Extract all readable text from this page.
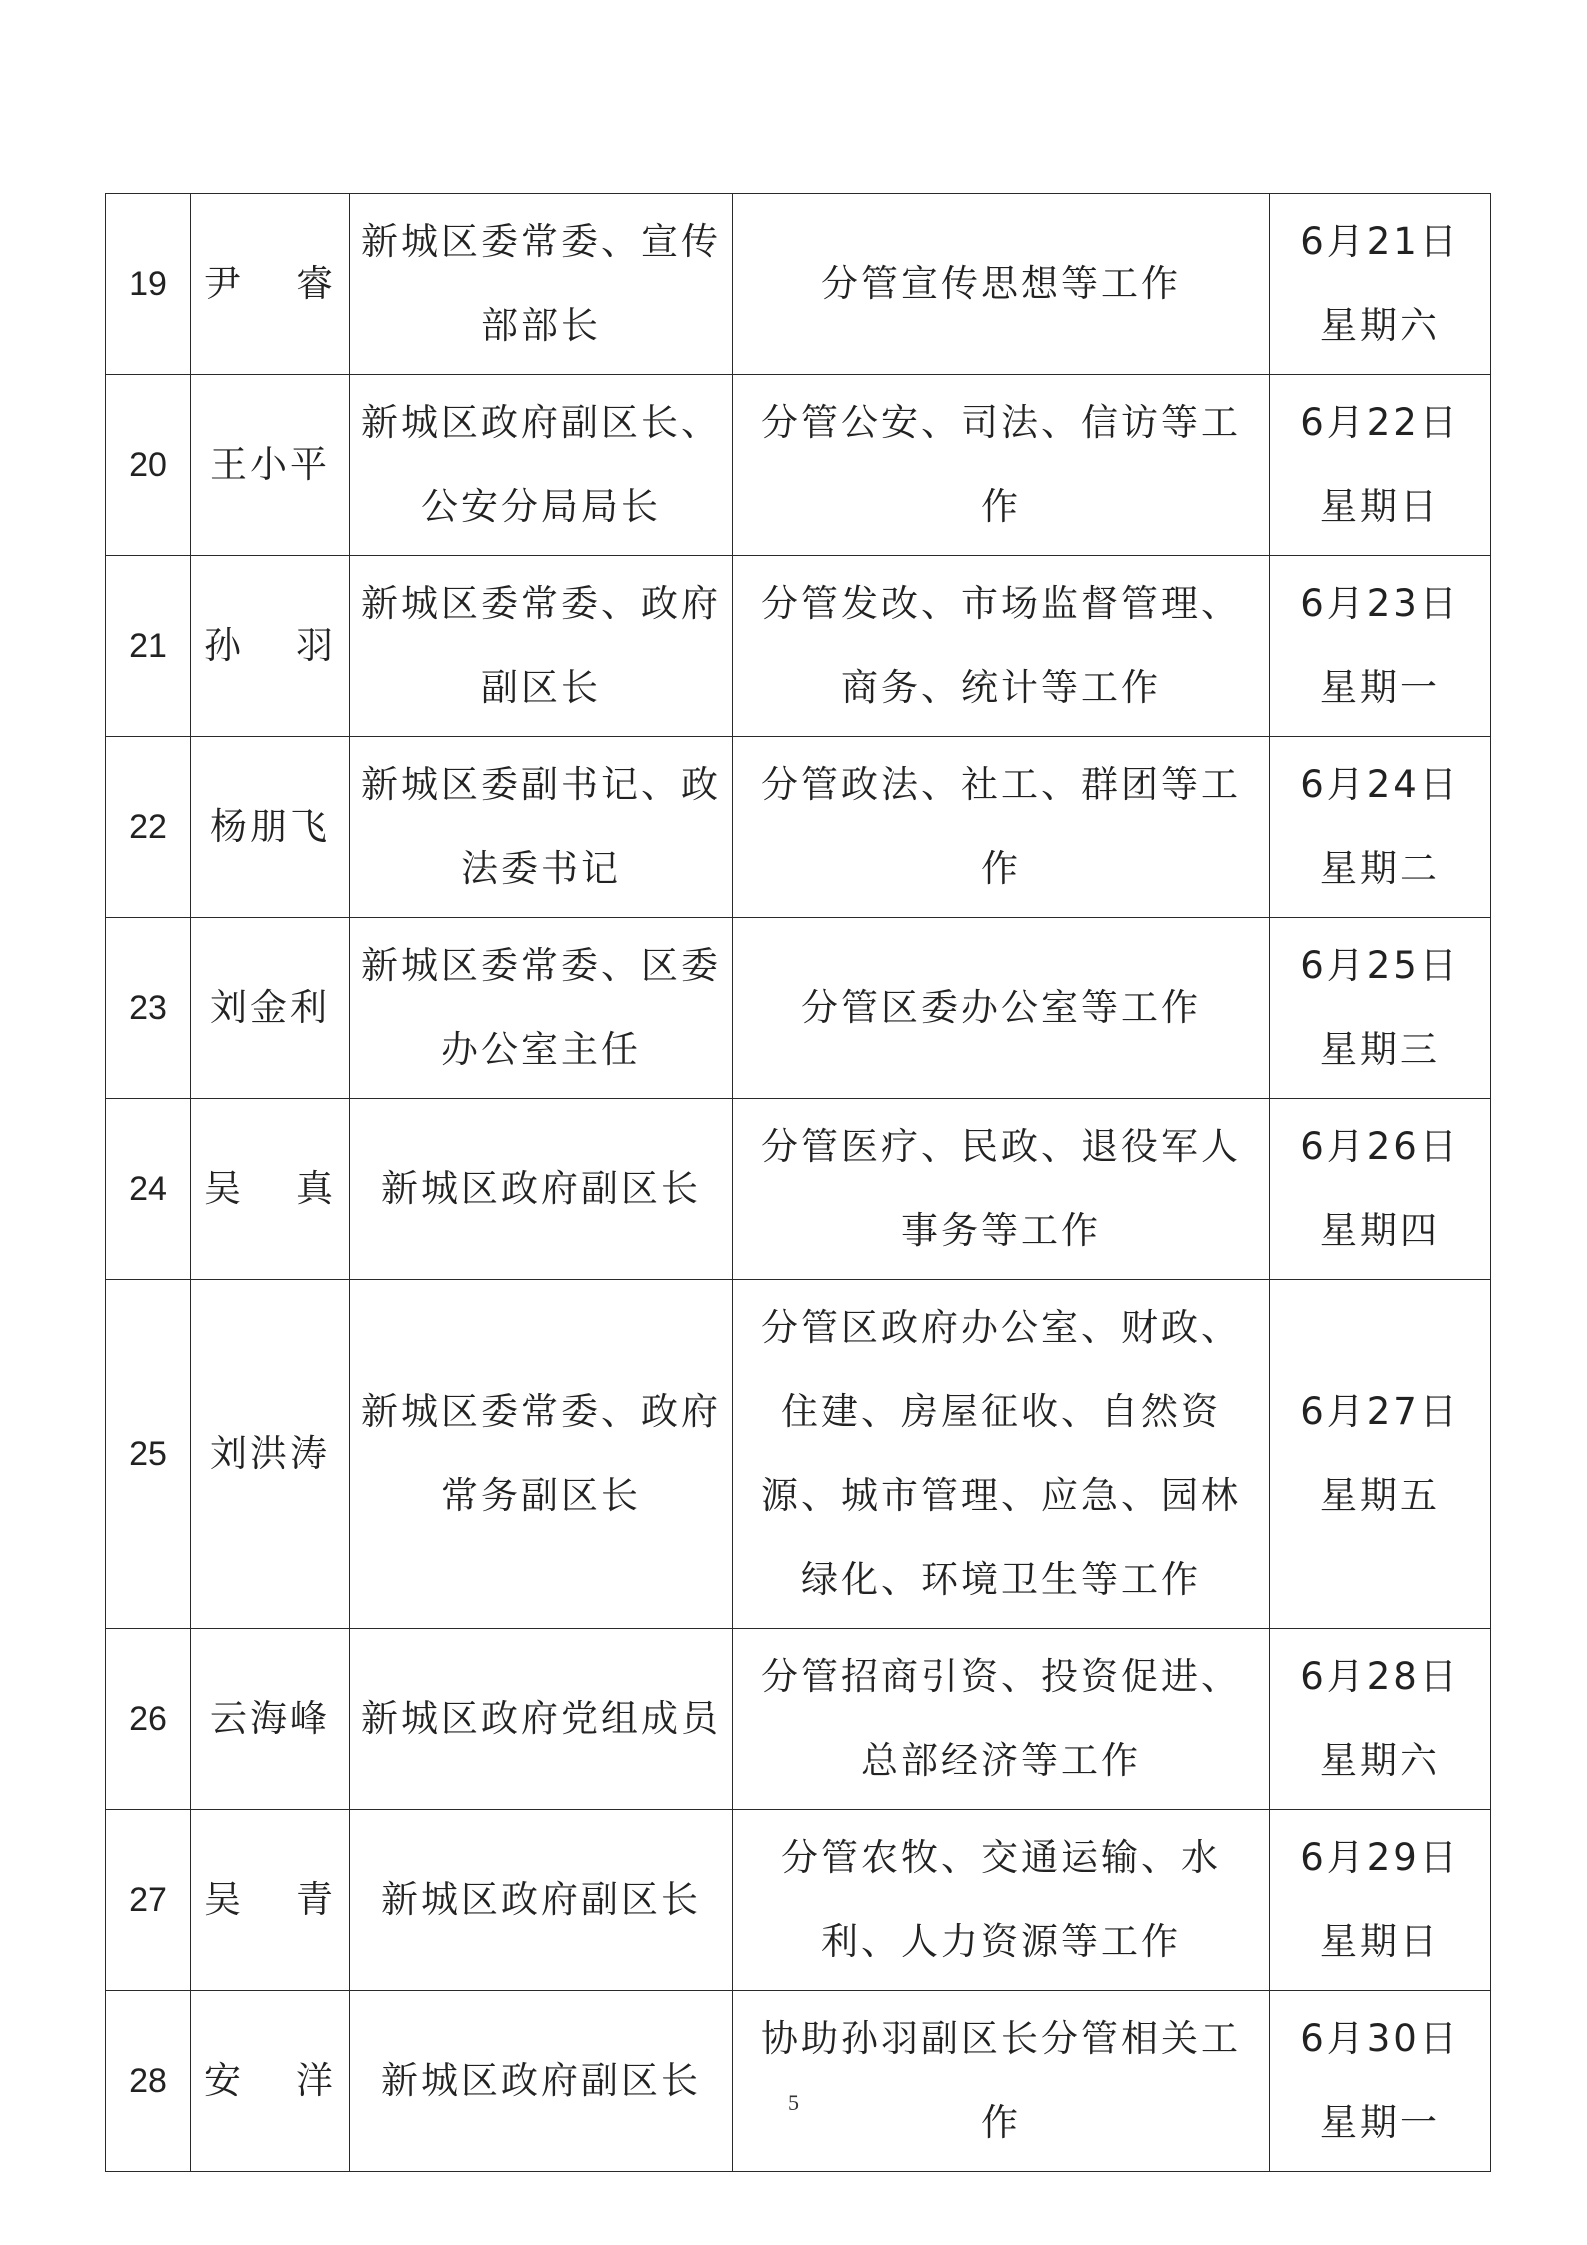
19	尹 睿	新城区委常委、宣传部部长	分管宣传思想等工作	6月21日
星期六

20	王小平	新城区政府副区长、公安分局局长	分管公安、司法、信访等工作	6月22日
星期日

21	孙 羽	新城区委常委、政府副区长	分管发改、市场监督管理、商务、统计等工作	6月23日
星期一

22	杨朋飞	新城区委副书记、政法委书记	分管政法、社工、群团等工作	6月24日
星期二

23	刘金利	新城区委常委、区委办公室主任	分管区委办公室等工作	6月25日
星期三

24	吴 真	新城区政府副区长	分管医疗、民政、退役军人事务等工作	6月26日
星期四

25	刘洪涛	新城区委常委、政府常务副区长	分管区政府办公室、财政、住建、房屋征收、自然资源、城市管理、应急、园林绿化、环境卫生等工作	6月27日
星期五

26	云海峰	新城区政府党组成员	分管招商引资、投资促进、总部经济等工作	6月28日
星期六

27	吴 青	新城区政府副区长	分管农牧、交通运输、水利、人力资源等工作	6月29日
星期日

28	安 洋	新城区政府副区长	协助孙羽副区长分管相关工作	6月30日
星期一
5
